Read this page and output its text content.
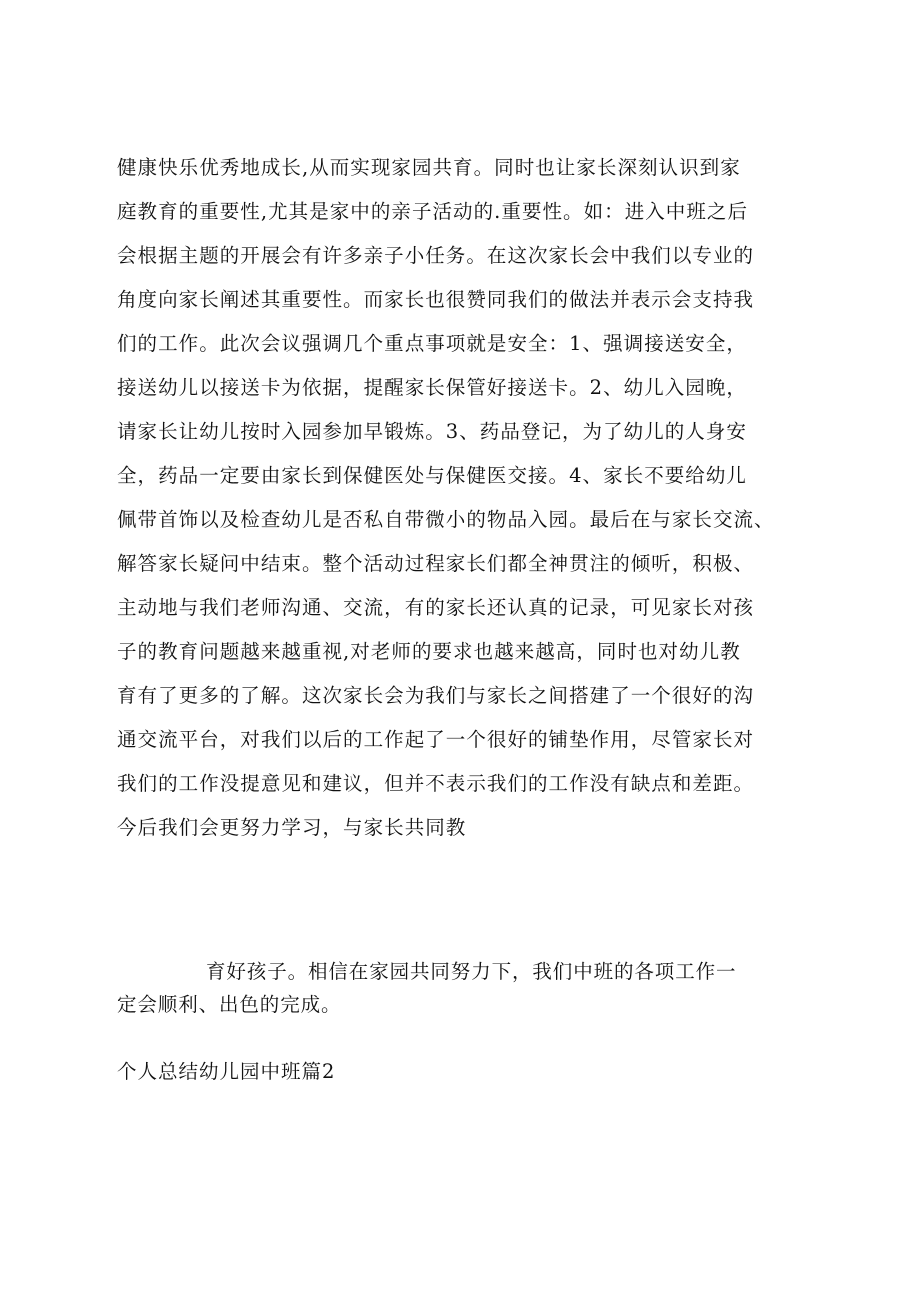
健康快乐优秀地成长,从而实现家园共育。同时也让家长深刻认识到家
庭教育的重要性,尤其是家中的亲子活动的.重要性。如：进入中班之后
会根据主题的开展会有许多亲子小任务。在这次家长会中我们以专业的
角度向家长阐述其重要性。而家长也很赞同我们的做法并表示会支持我
们的工作。此次会议强调几个重点事项就是安全：1、强调接送安全，
接送幼儿以接送卡为依据，提醒家长保管好接送卡。2、幼儿入园晚，
请家长让幼儿按时入园参加早锻炼。3、药品登记，为了幼儿的人身安
全，药品一定要由家长到保健医处与保健医交接。4、家长不要给幼儿
佩带首饰以及检查幼儿是否私自带微小的物品入园。最后在与家长交流、
解答家长疑问中结束。整个活动过程家长们都全神贯注的倾听，积极、
主动地与我们老师沟通、交流，有的家长还认真的记录，可见家长对孩
子的教育问题越来越重视,对老师的要求也越来越高，同时也对幼儿教
育有了更多的了解。这次家长会为我们与家长之间搭建了一个很好的沟
通交流平台，对我们以后的工作起了一个很好的铺垫作用，尽管家长对
我们的工作没提意见和建议，但并不表示我们的工作没有缺点和差距。
今后我们会更努力学习，与家长共同教
育好孩子。相信在家园共同努力下，我们中班的各项工作一
定会顺利、出色的完成。
个人总结幼儿园中班篇2
